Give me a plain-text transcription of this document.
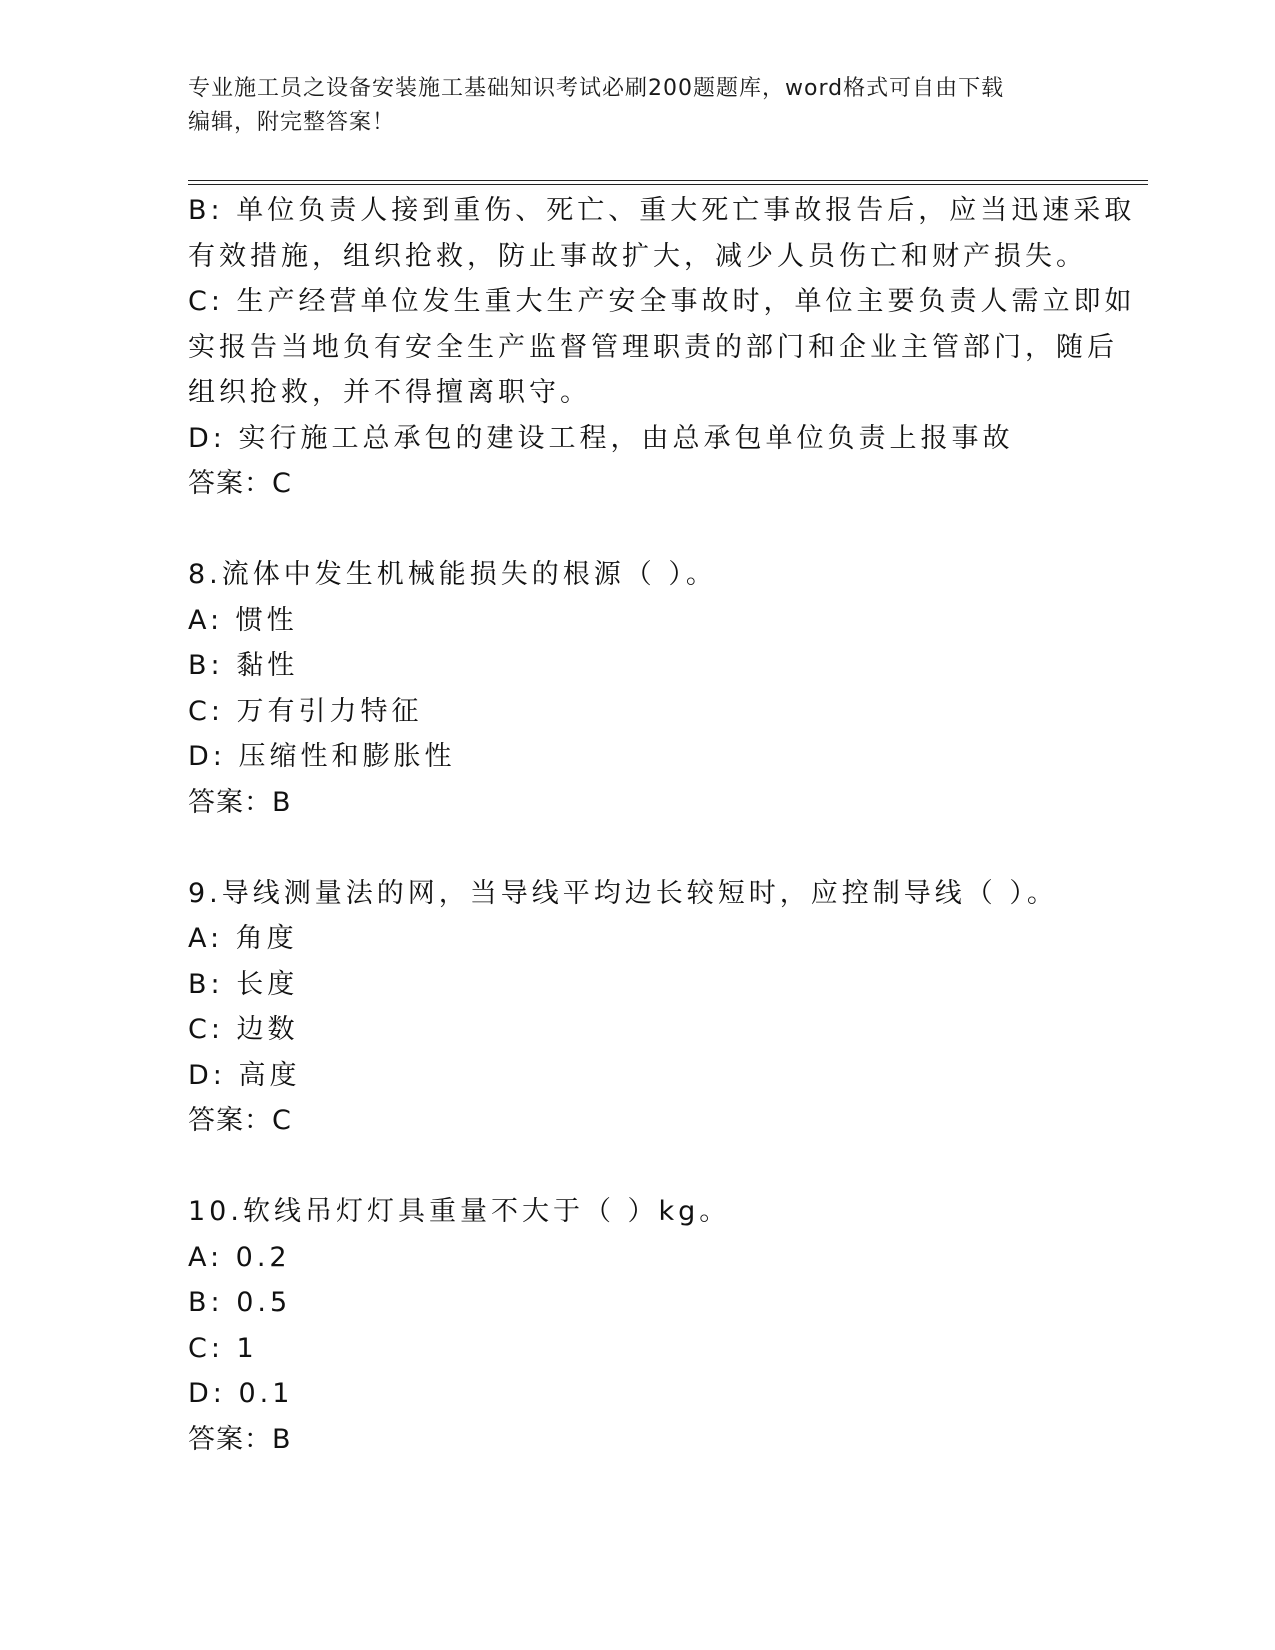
专业施工员之设备安装施工基础知识考试必刷200题题库，word格式可自由下载
编辑，附完整答案！
B: 单位负责人接到重伤、死亡、重大死亡事故报告后，应当迅速采取
有效措施，组织抢救，防止事故扩大，减少人员伤亡和财产损失。
C: 生产经营单位发生重大生产安全事故时，单位主要负责人需立即如
实报告当地负有安全生产监督管理职责的部门和企业主管部门，随后
组织抢救，并不得擅离职守。
D: 实行施工总承包的建设工程，由总承包单位负责上报事故
答案：C
8.流体中发生机械能损失的根源（ ）。
A: 惯性
B: 黏性
C: 万有引力特征
D: 压缩性和膨胀性
答案：B
9.导线测量法的网，当导线平均边长较短时，应控制导线（ ）。
A: 角度
B: 长度
C: 边数
D: 高度
答案：C
10.软线吊灯灯具重量不大于（ ）kg。
A: 0.2
B: 0.5
C: 1
D: 0.1
答案：B
